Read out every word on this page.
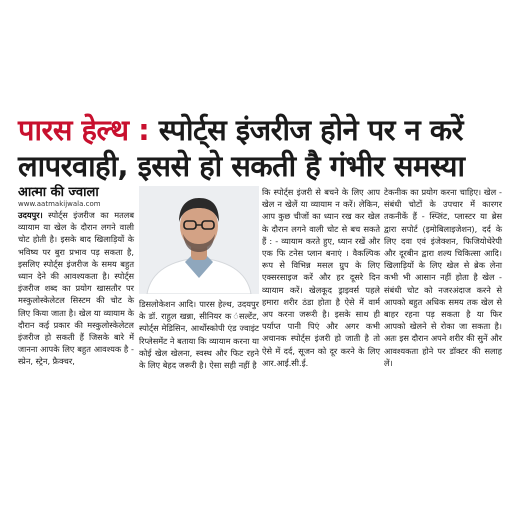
पारस हेल्थ : स्पोर्ट्स इंजरीज होने पर न करें लापरवाही, इससे हो सकती है गंभीर समस्या
आत्मा की ज्वाला
www.aatmakijwala.com
उदयपुर। स्पोर्ट्स इंजरीज का मतलब व्यायाम या खेल के दौरान लगने वाली चोट होती है। इसके बाद खिलाड़ियों के भविष्य पर बुरा प्रभाव पड़ सकता है, इसलिए स्पोर्ट्स इंजरीज के समय बहुत ध्यान देने की आवश्यकता है। स्पोर्ट्स इंजरीज शब्द का प्रयोग खासतौर पर मस्कुलोस्केलेटल सिस्टम की चोट के लिए किया जाता है। खेल या व्यायाम के दौरान कई प्रकार की मस्कुलोस्केलेटल इंजरीज हो सकती हैं जिसके बारे में जानना आपके लिए बहुत आवश्यक है - स्प्रेन, स्ट्रेन, फ्रैक्चर,
डिसलोकेशन आदि। पारस हेल्थ, उदयपुर के डॉ. राहुल खन्ना, सीनियर क ंसल्टेंट, स्पोर्ट्स मेडिसिन, आर्थोस्कोपी एंड ज्वाइंट रिप्लेसमेंट ने बताया कि व्यायाम करना या कोई खेल खेलना, स्वस्थ और फिट रहने के लिए बेहद जरूरी है। ऐसा सही नहीं है
कि स्पोर्ट्स इंजरी से बचने के लिए आप खेल न खेलें या व्यायाम न करें। लेकिन, आप कुछ चीजों का ध्यान रख कर खेल के दौरान लगने वाली चोट से बच सकते हैं : - व्यायाम करते हुए, ध्यान रखें और एक फि टनेस प्लान बनाएं । वैकल्पिक रूप से विभिन्न मसल ग्रुप के लिए एक्सरसाइज करें और हर दूसरे दिन व्यायाम करें। खेलकूद ड्राइवर्स पहले हमारा शरीर ठंडा होता है ऐसे में वार्म अप करना जरूरी है। इसके साथ ही पर्याप्त पानी पिएं और अगर कभी अचानक स्पोर्ट्स इंजरी हो जाती है तो ऐसे में दर्द, सूजन को दूर करने के लिए आर.आई.सी.ई.
टेकनीक का प्रयोग करना चाहिए। खेल - संबंधी चोटों के उपचार में कारगर तकनीकें हैं - स्प्लिंट, प्लास्टर या ब्रेस द्वारा सपोर्ट (इमोबिलाइजेशन), दर्द के लिए दवा एवं इंजेक्शन, फिजियोथेरेपी और दूरबीन द्वारा शल्य चिकित्सा आदि। खिलाड़ियों के लिए खेल से ब्रेक लेना कभी भी आसान नहीं होता है खेल - संबंधी चोट को नजरअंदाज करने से आपको बहुत अधिक समय तक खेल से बाहर रहना पड़ सकता है या फिर आपको खेलने से रोका जा सकता है। अतः इस दौरान अपने शरीर की सुनें और आवश्यकता होने पर डॉक्टर की सलाह लें।
